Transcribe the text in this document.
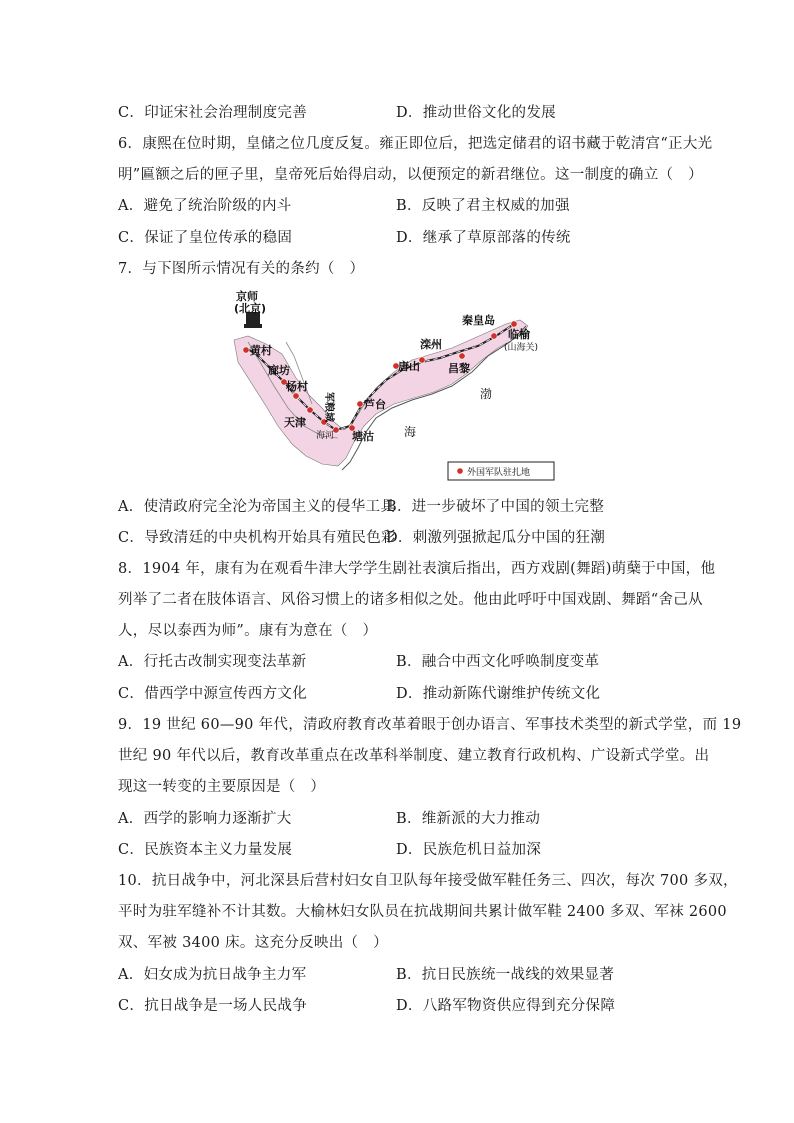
C．印证宋社会治理制度完善	D．推动世俗文化的发展
6．康熙在位时期，皇储之位几度反复。雍正即位后，把选定储君的诏书藏于乾清宫“正大光
明”匾额之后的匣子里，皇帝死后始得启动，以便预定的新君继位。这一制度的确立（　）
A．避免了统治阶级的内斗	B．反映了君主权威的加强
C．保证了皇位传承的稳固	D．继承了草原部落的传统
7．与下图所示情况有关的条约（　）
京师
(北京)
黄村
廊坊
杨村
天津
军粮城
塘沽
芦台
唐山
滦州
昌黎
秦皇岛
临榆
(山海关)
渤
海
海河
外国军队驻扎地
A．使清政府完全沦为帝国主义的侵华工具
B．进一步破坏了中国的领土完整
C．导致清廷的中央机构开始具有殖民色彩
D．刺激列强掀起瓜分中国的狂潮
8．1904 年，康有为在观看牛津大学学生剧社表演后指出，西方戏剧(舞蹈)萌蘖于中国，他
列举了二者在肢体语言、风俗习惯上的诸多相似之处。他由此呼吁中国戏剧、舞蹈“舍己从
人，尽以泰西为师”。康有为意在（　）
A．行托古改制实现变法革新	B．融合中西文化呼唤制度变革
C．借西学中源宣传西方文化	D．推动新陈代谢维护传统文化
9．19 世纪 60—90 年代，清政府教育改革着眼于创办语言、军事技术类型的新式学堂，而 19
世纪 90 年代以后，教育改革重点在改革科举制度、建立教育行政机构、广设新式学堂。出
现这一转变的主要原因是（　）
A．西学的影响力逐渐扩大	B．维新派的大力推动
C．民族资本主义力量发展	D．民族危机日益加深
10．抗日战争中，河北深县后营村妇女自卫队每年接受做军鞋任务三、四次，每次 700 多双，
平时为驻军缝补不计其数。大榆林妇女队员在抗战期间共累计做军鞋 2400 多双、军袜 2600
双、军被 3400 床。这充分反映出（　）
A．妇女成为抗日战争主力军	B．抗日民族统一战线的效果显著
C．抗日战争是一场人民战争	D．八路军物资供应得到充分保障
